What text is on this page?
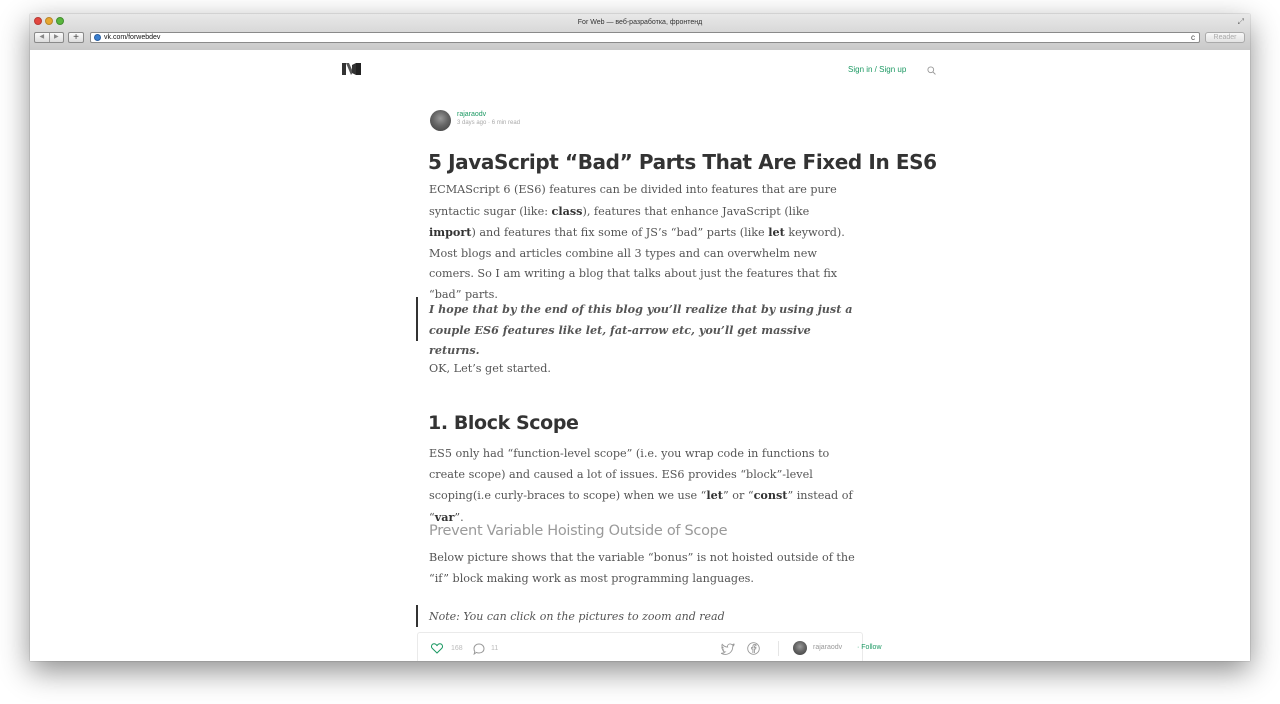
For Web — веб-разработка, фронтенд	⤢
◀	▶	+	vk.com/forwebdev	c	Reader
Sign in / Sign up
rajaraodv
3 days ago · 6 min read
5 JavaScript “Bad” Parts That Are Fixed In ES6

ECMAScript 6 (ES6) features can be divided into features that are pure syntactic sugar (like: class), features that enhance JavaScript (like import) and features that fix some of JS’s “bad” parts (like let keyword). Most blogs and articles combine all 3 types and can overwhelm new comers. So I am writing a blog that talks about just the features that fix “bad” parts.

I hope that by the end of this blog you’ll realize that by using just a couple ES6 features like let, fat-arrow etc, you’ll get massive returns.

OK, Let’s get started.

1. Block Scope

ES5 only had “function-level scope” (i.e. you wrap code in functions to create scope) and caused a lot of issues. ES6 provides “block”-level scoping(i.e curly-braces to scope) when we use “let” or “const” instead of “var”.

Prevent Variable Hoisting Outside of Scope

Below picture shows that the variable “bonus” is not hoisted outside of the “if” block making work as most programming languages.

Note: You can click on the pictures to zoom and read

168	11	rajaraodv · Follow
